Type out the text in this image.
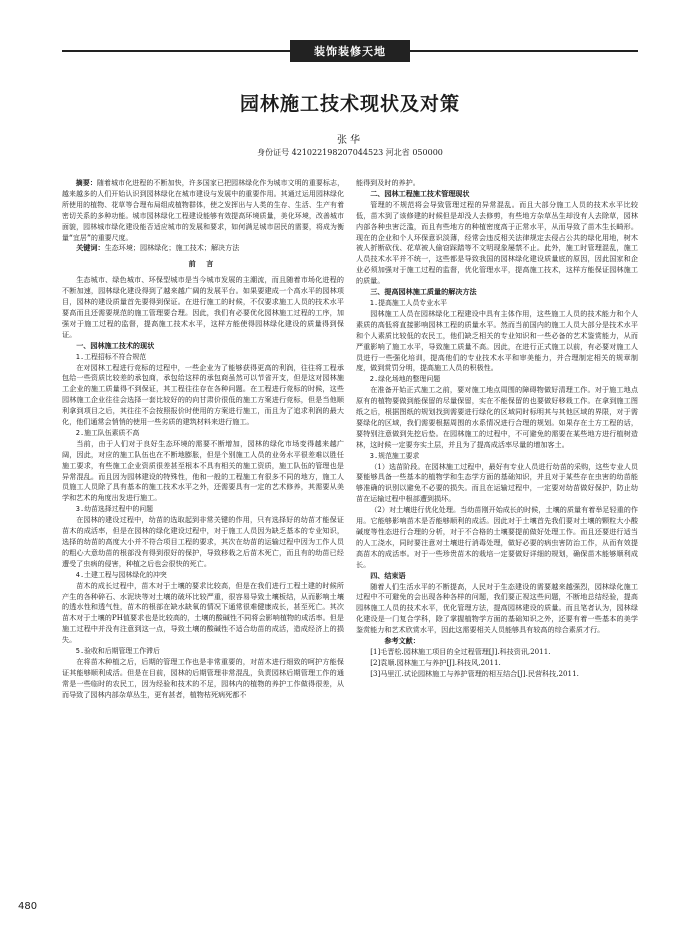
装饰装修天地
园林施工技术现状及对策
张华
身份证号 421022198207044523 河北省 050000

摘要：随着城市化进程的不断加快，许多国家已把园林绿化作为城市文明的重要标志，越来越多的人们开始认识到园林绿化在城市建设与发展中的重要作用。其通过运用园林绿化所使用的植物、花草等合理布局组成植物群体，使之发挥出与人类的生存、生活、生产有着密切关系的多种功能。城市园林绿化工程建设能够有效提高环境质量，美化环境，改善城市面貌，园林城市绿化建设能否适应城市的发展和要求，如何满足城市居民的需要，将成为衡量“宜居”的重要尺度。

关键词：生态环境；园林绿化；施工技术；解决方法

前 言

生态城市、绿色城市、环保型城市是当今城市发展的主潮流，而且随着市场化进程的不断加速，园林绿化建设得到了越来越广阔的发展平台。如果要建成一个高水平的园林项目，园林的建设质量首先要得到保证。在进行施工的时候，不仅要求施工人员的技术水平要高而且还需要规范的施工管理要合理。因此，我们有必要优化园林施工过程的工序，加强对于施工过程的监督，提高施工技术水平，这样方能使得园林绿化建设的质量得到保证。

一、园林施工技术的现状

1.工程招标不符合规范

在对园林工程进行竞标的过程中，一些企业为了能够获得更高的利润，往往将工程承包给一些资质比较差的承包商，承包给这样的承包商虽然可以节省开支，但是这对园林施工企业的施工质量得不到保证，其工程往往存在各种问题。在工程进行竞标的时候，这些园林施工企业往往会选择一套比较好的的向甘肃价很低的施工方案进行竞标，但是当他顺利拿到项目之后，其往往不会按照报价时使用的方案进行施工，而且为了追求利润的最大化，他们通常会悄悄的使用一些劣质的建筑材料来进行施工。

2.施工队伍素质不高

当前，由于人们对于良好生态环境的需要不断增加，园林的绿化市场变得越来越广阔，因此，对应的施工队伍也在不断地膨胀，但是个别施工人员的业务水平很差难以胜任施工要求，有些施工企业资质很差甚至根本不具有相关的施工资质，施工队伍的管理也是异常混乱。而且因为园林建设的特殊性，他和一般的工程施工有很多不同的地方，施工人员施工人员除了具有基本的施工技术水平之外，还需要具有一定的艺术修养，其需要从美学和艺术的角度出发进行施工。

3.幼苗选择过程中的问题

在园林的建设过程中，幼苗的选取起到非常关键的作用，只有选择好的幼苗才能保证苗木的成活率，但是在园林的绿化建设过程中，对于施工人员因为缺乏基本的专业知识，选择的幼苗的高度大小并不符合项目工程的要求，其次在幼苗的运输过程中因为工作人员的粗心大意幼苗的根部没有得到很好的保护，导致移栽之后苗木死亡，而且有的幼苗已经遭受了虫病的侵害，种植之后也会很快的死亡。

4.土建工程与园林绿化的冲突

苗木的成长过程中，苗木对于土壤的要求比较高，但是在我们进行工程土建的时候所产生的各种碎石、水泥块等对土壤的破坏比较严重，很容易导致土壤板结，从而影响土壤的透水性和透气性，苗木的根部在缺水缺氧的情况下通常很难健康成长，甚至死亡。其次苗木对于土壤的PH值要求也是比较高的，土壤的酸碱性不同将会影响植物的成活率。但是施工过程中并没有注意到这一点，导致土壤的酸碱性不适合幼苗的成活，造成经济上的损失。

5.验收和后期管理工作滞后

在将苗木种植之后，后期的管理工作也是非常重要的，对苗木进行细致的呵护方能保证其能够顺利成活。但是在目前，园林的后期管理非常混乱，负责园林后期管理工作的通常是一些临时的农民工，因为经验和技术的不足，园林内的植物的养护工作做得很差，从而导致了园林内部杂草丛生，更有甚者，植物枯死病死都不

能得到及时的养护。

二、园林工程施工技术管理现状

管理的不规范将会导致管理过程的异常混乱。而且大部分施工人员的技术水平比较低，苗木到了该修建的时候但是却没人去修剪，有些地方杂草丛生却没有人去除草，园林内部各种虫害泛滥，而且有些地方的种植密度高于正常水平，从而导致了苗木生长畸形。现在的企业和个人环保意识淡薄，经常会违反相关法律规定去侵占公共的绿化用地，树木被人折断砍伐、花草被人偷窃踩踏等不文明现象屡禁不止。此外，施工时管理混乱，施工人员技术水平并不统一，这些都是导致我国的园林绿化建设质量底的原因，因此国家和企业必须加强对于施工过程的监督，优化管理水平，提高施工技术，这样方能保证园林施工的质量。

三、提高园林施工质量的解决方法

1.提高施工人员专业水平

园林施工人员在园林绿化工程建设中具有主体作用，这些施工人员的技术能力和个人素质的高低将直接影响园林工程的质量水平。然而当前国内的施工人员大部分是技术水平和个人素质比较低的农民工，他们缺乏相关的专业知识和一些必备的艺术鉴赏能力，从而严重影响了施工水平，导致施工质量不高。因此，在进行正式施工以前，有必要对施工人员进行一些强化培训，提高他们的专业技术水平和审美能力，并合理制定相关的规章制度，做到赏罚分明，提高施工人员的积极性。

2.绿化场地的整理问题

在准备开始正式施工之前，要对施工地点周围的障碍物做好清理工作。对于施工地点原有的植物要做到能保留的尽量保留，实在不能保留的也要做好移栽工作。在拿到施工图纸之后，根据图纸的规划找到需要进行绿化的区域同时标明其与其他区域的界限，对于需要绿化的区域，我们需要根据周围的水系情况进行合理的规划。如果存在土方工程的话，要特别注意做到先挖后垫。在园林施工的过程中，不可避免的需要在某些地方进行植树造林，这时候一定要夯实土层，并且为了提高成活率尽量的增加客土。

3.规范施工要求

（1）选苗阶段。在园林施工过程中，最好有专业人员进行幼苗的采购，这些专业人员要能够具备一些基本的植物学和生态学方面的基础知识，并且对于某些存在虫害的幼苗能够准确的识别以避免不必要的损失。而且在运输过程中，一定要对幼苗做好保护，防止幼苗在运输过程中根部遭到损坏。

（2）对土壤进行优化处理。当幼苗刚开始成长的时候，土壤的质量有着举足轻重的作用。它能够影响苗木是否能够顺利的成活。因此对于土壤首先我们要对土壤的颗粒大小酸碱度等性态进行合理的分析，对于不合格的土壤要提前做好处理工作。而且还要进行适当的人工浇水，同时要注意对土壤进行消毒处理，做好必要的病虫害防治工作，从而有效提高苗木的成活率。对于一些珍贵苗木的栽培一定要做好详细的规划，确保苗木能够顺利成长。

四、结束语

随着人们生活水平的不断提高，人民对于生态建设的需要越来越强烈，园林绿化施工过程中不可避免的会出现各种各样的问题，我们要正视这些问题，不断地总结经验，提高园林施工人员的技术水平，优化管理方法，提高园林建设的质量。而且笔者认为，园林绿化建设是一门复合学科，除了掌握植物学方面的基础知识之外，还要有着一些基本的美学鉴赏能力和艺术欣赏水平，因此这需要相关人员能够具有较高的综合素质才行。

参考文献：

[1]毛晋松.园林施工项目的全过程管理[J].科技资讯,2011.

[2]袁顺.园林施工与养护[J].科技风,2011.

[3]马里江.试论园林施工与养护管理的相互结合[J].民营科技,2011.

480
